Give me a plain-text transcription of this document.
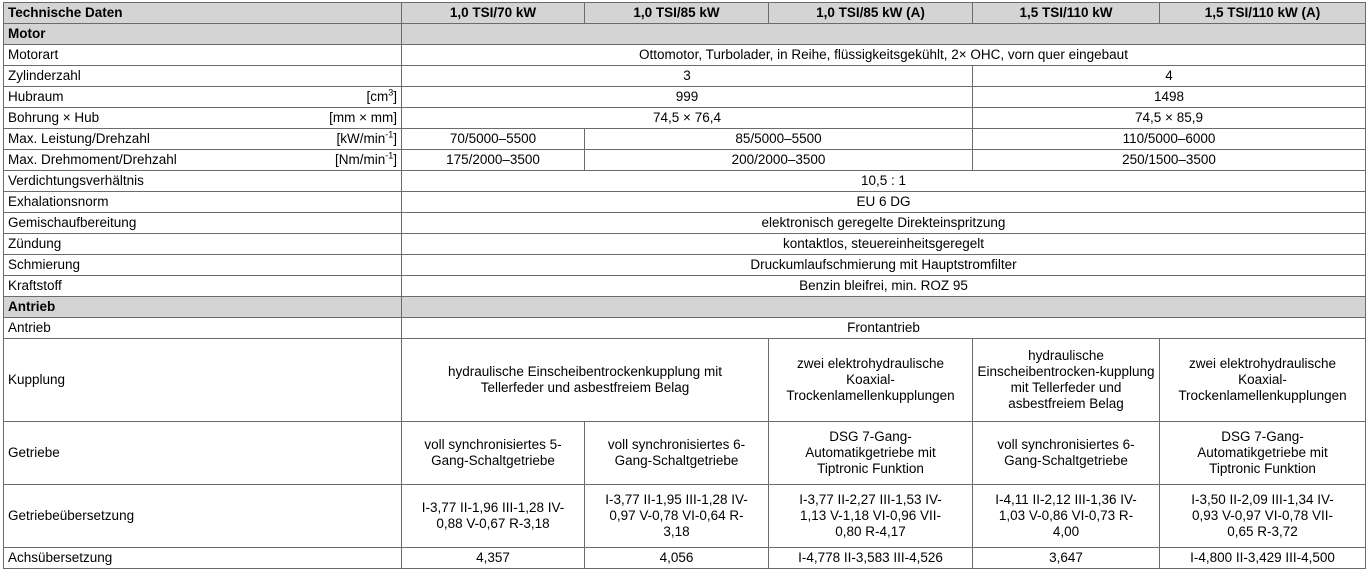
Technische Daten	1,0 TSI/70 kW	1,0 TSI/85 kW	1,0 TSI/85 kW (A)	1,5 TSI/110 kW	1,5 TSI/110 kW (A)
Motor					
Motorart	Ottomotor, Turbolader, in Reihe, flüssigkeitsgekühlt, 2× OHC, vorn quer eingebaut				
Zylinderzahl	3			4	

Hubraum $[cm^3]$	999			1498	

Bohrung × Hub [mm × mm]	74,5 × 76,4			74,5 × 85,9	

Max. Leistung/Drehzahl $[kW/\min^{-1}]$	70/5000–5500	85/5000–5500		110/5000–6000	

Max. Drehmoment/Drehzahl $[Nm/\min^{-1}]$	175/2000–3500	200/2000–3500		250/1500–3500	
Verdichtungsverhältnis	10,5 : 1				
Exhalationsnorm	EU 6 DG				
Gemischaufbereitung	elektronisch geregelte Direkteinspritzung				
Zündung	kontaktlos, steuereinheitsgeregelt				
Schmierung	Druckumlaufschmierung mit Hauptstromfilter				
Kraftstoff	Benzin bleifrei, min. ROZ 95				
Antrieb					
Antrieb	Frontantrieb				
Kupplung	hydraulische Einscheibentrockenkupplung mit Tellerfeder und asbestfreiem Belag		zwei elektrohydraulische Koaxial-Trockenlamellenkupplungen	hydraulische Einscheibentrocken-kupplung mit Tellerfeder und asbestfreiem Belag	zwei elektrohydraulische Koaxial-Trockenlamellenkupplungen
Getriebe	voll synchronisiertes 5-Gang-Schaltgetriebe	voll synchronisiertes 6-Gang-Schaltgetriebe	DSG 7-Gang-Automatikgetriebe mit Tiptronic Funktion	voll synchronisiertes 6-Gang-Schaltgetriebe	DSG 7-Gang-Automatikgetriebe mit Tiptronic Funktion
Getriebeübersetzung	I-3,77 II-1,96 III-1,28 IV-0,88 V-0,67 R-3,18	I-3,77 II-1,95 III-1,28 IV-0,97 V-0,78 VI-0,64 R-3,18	I-3,77 II-2,27 III-1,53 IV-1,13 V-1,18 VI-0,96 VII-0,80 R-4,17	I-4,11 II-2,12 III-1,36 IV-1,03 V-0,86 VI-0,73 R-4,00	I-3,50 II-2,09 III-1,34 IV-0,93 V-0,97 VI-0,78 VII-0,65 R-3,72
Achsübersetzung	4,357	4,056	I-4,778 II-3,583 III-4,526	3,647	I-4,800 II-3,429 III-4,500
